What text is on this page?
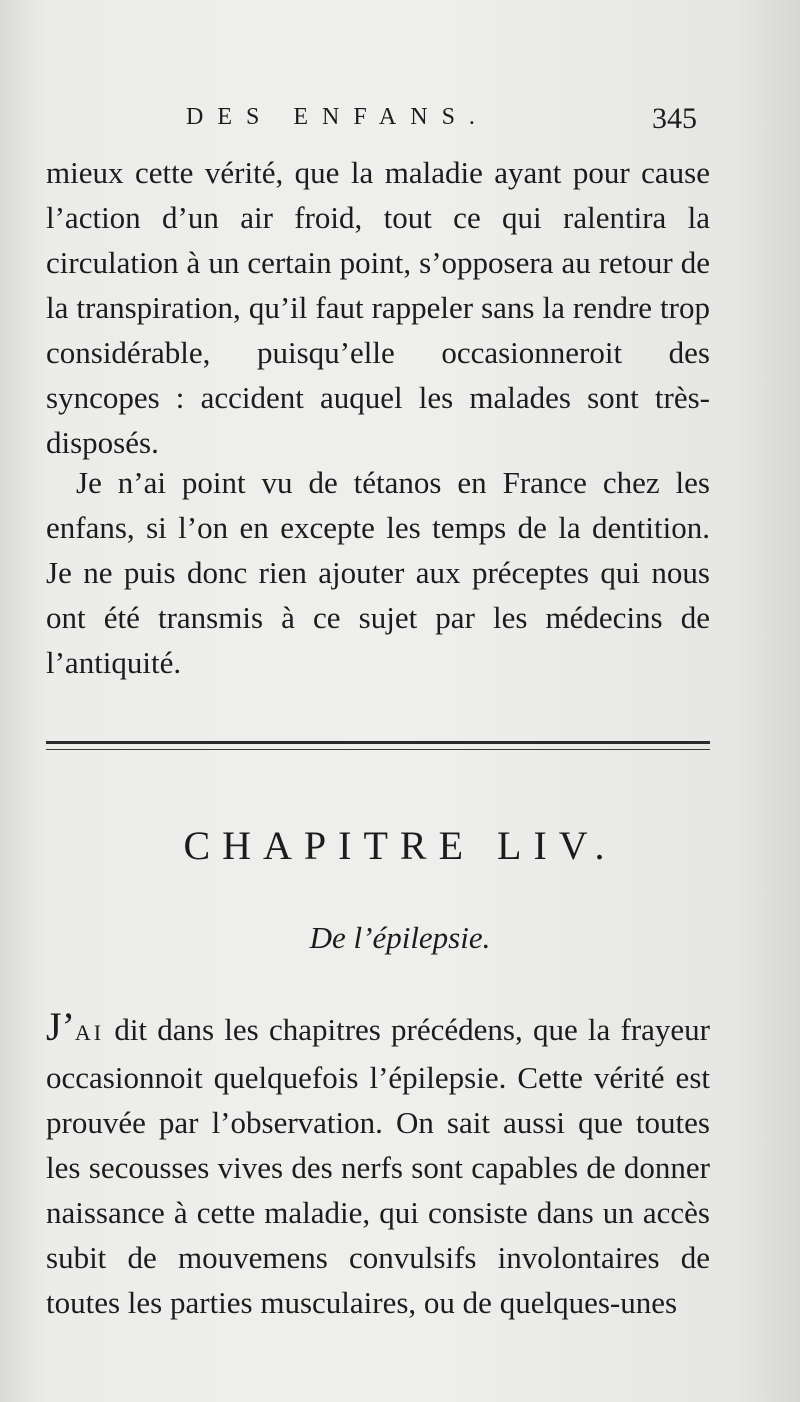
DES ENFANS.	345

mieux cette vérité, que la maladie ayant pour cause l’action d’un air froid, tout ce qui ralentira la circulation à un certain point, s’opposera au retour de la transpiration, qu’il faut rappeler sans la rendre trop considérable, puisqu’elle occasionneroit des syncopes : accident auquel les malades sont très-disposés.

Je n’ai point vu de tétanos en France chez les enfans, si l’on en excepte les temps de la dentition. Je ne puis donc rien ajouter aux préceptes qui nous ont été transmis à ce sujet par les médecins de l’antiquité.

CHAPITRE LIV.
De l’épilepsie.

J’AI dit dans les chapitres précédens, que la frayeur occasionnoit quelquefois l’épilepsie. Cette vérité est prouvée par l’observation. On sait aussi que toutes les secousses vives des nerfs sont capables de donner naissance à cette maladie, qui consiste dans un accès subit de mouvemens convulsifs involontaires de toutes les parties musculaires, ou de quelques-unes
